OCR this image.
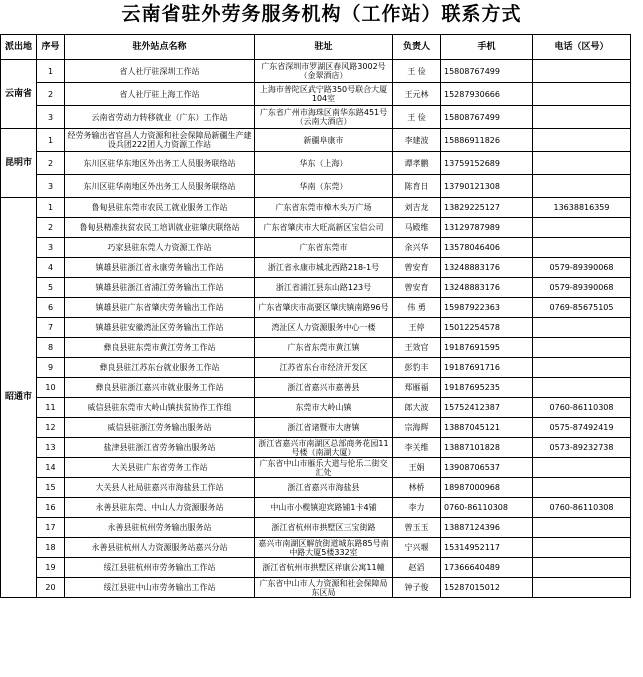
云南省驻外劳务服务机构（工作站）联系方式
派出地	序号	驻外站点名称	驻址	负责人	手机	电话（区号）
云南省	1	省人社厅驻深圳工作站	广东省深圳市罗湖区春风路3002号（金翠酒店）	王 俭	15808767499	
	2	省人社厅驻上海工作站	上海市普陀区武宁路350号联合大厦104室	王元林	15287930666	
	3	云南省劳动力转移就业（广东）工作站	广东省广州市海珠区南华东路451号（云南大酒店）	王 俭	15808767499	
昆明市	1	经劳务输出省官昌人力资源和社会保障局新疆生产建设兵团222团人力资源工作站	新疆阜康市	李建波	15886911826	
	2	东川区驻华东地区外出务工人员服务联络站	华东（上海）	谭孝鹏	13759152689	
	3	东川区驻华南地区外出务工人员服务联络站	华南（东莞）	陈育日	13790121308	
昭通市	1	鲁甸县驻东莞市农民工就业服务工作站	广东省东莞市樟木头万广场	刘吉龙	13829225127	13638816359
	2	鲁甸县精准扶贫农民工培训就业驻肇庆联络站	广东省肇庆市大旺高新区宝信公司	马殿维	13129787989	
	3	巧家县驻东莞人力资源工作站	广东省东莞市	余兴华	13578046406	
	4	镇雄县驻浙江省永康劳务输出工作站	浙江省永康市城北西路218-1号	曾安育	13248883176	0579-89390068
	5	镇雄县驻浙江省浦江劳务输出工作站	浙江省浦江县东山路123号	曾安育	13248883176	0579-89390068
	6	镇雄县驻广东省肇庆劳务输出工作站	广东省肇庆市高要区肇庆镇南路96号	伟 勇	15987922363	0769-85675105
	7	镇雄县驻安徽湾沚区劳务输出工作站	湾沚区人力资源服务中心一楼	王停	15012254578	
	8	彝良县驻东莞市黄江劳务工作站	广东省东莞市黄江镇	王效官	19187691595	
	9	彝良县驻江苏东台就业服务工作站	江苏省东台市经济开发区	彭豹丰	19187691716	
	10	彝良县驻浙江嘉兴市就业服务工作站	浙江省嘉兴市嘉善县	郑雁福	19187695235	
	11	威信县驻东莞市大岭山镇扶贫协作工作组	东莞市大岭山镇	郎大波	15752412387	0760-86110308
	12	威信县驻浙江劳务输出服务站	浙江省诸暨市大唐镇	宗海辉	13887045121	0575-87492419
	13	盐津县驻浙江省劳务输出服务站	浙江省嘉兴市南湖区总部商务花园11号楼（南湖大厦）	李关维	13887101828	0573-89232738
	14	大关县驻广东省劳务工作站	广东省中山市雁乐大道与伦乐二街交汇处	王娟	13908706537	
	15	大关县人社局驻嘉兴市海盐县工作站	浙江省嘉兴市海盐县	林桥	18987000968	
	16	永善县驻东莞、中山人力资源服务站	中山市小榄镇迎宾路铺1卡4铺	李力	0760-86110308	0760-86110308
	17	永善县驻杭州劳务输出服务站	浙江省杭州市拱墅区三宝街路	曾玉玉	13887124396	
	18	永善县驻杭州人力资源服务站嘉兴分站	嘉兴市南湖区解放街道城东路85号南中路大厦5楼332室	宁兴堰	15314952117	
	19	绥江县驻杭州市劳务输出工作站	浙江省杭州市拱墅区祥康公寓11幢	赵滔	17366640489	
	20	绥江县驻中山市劳务输出工作站	广东省中山市人力资源和社会保障局东区局	钟子俊	15287015012	
